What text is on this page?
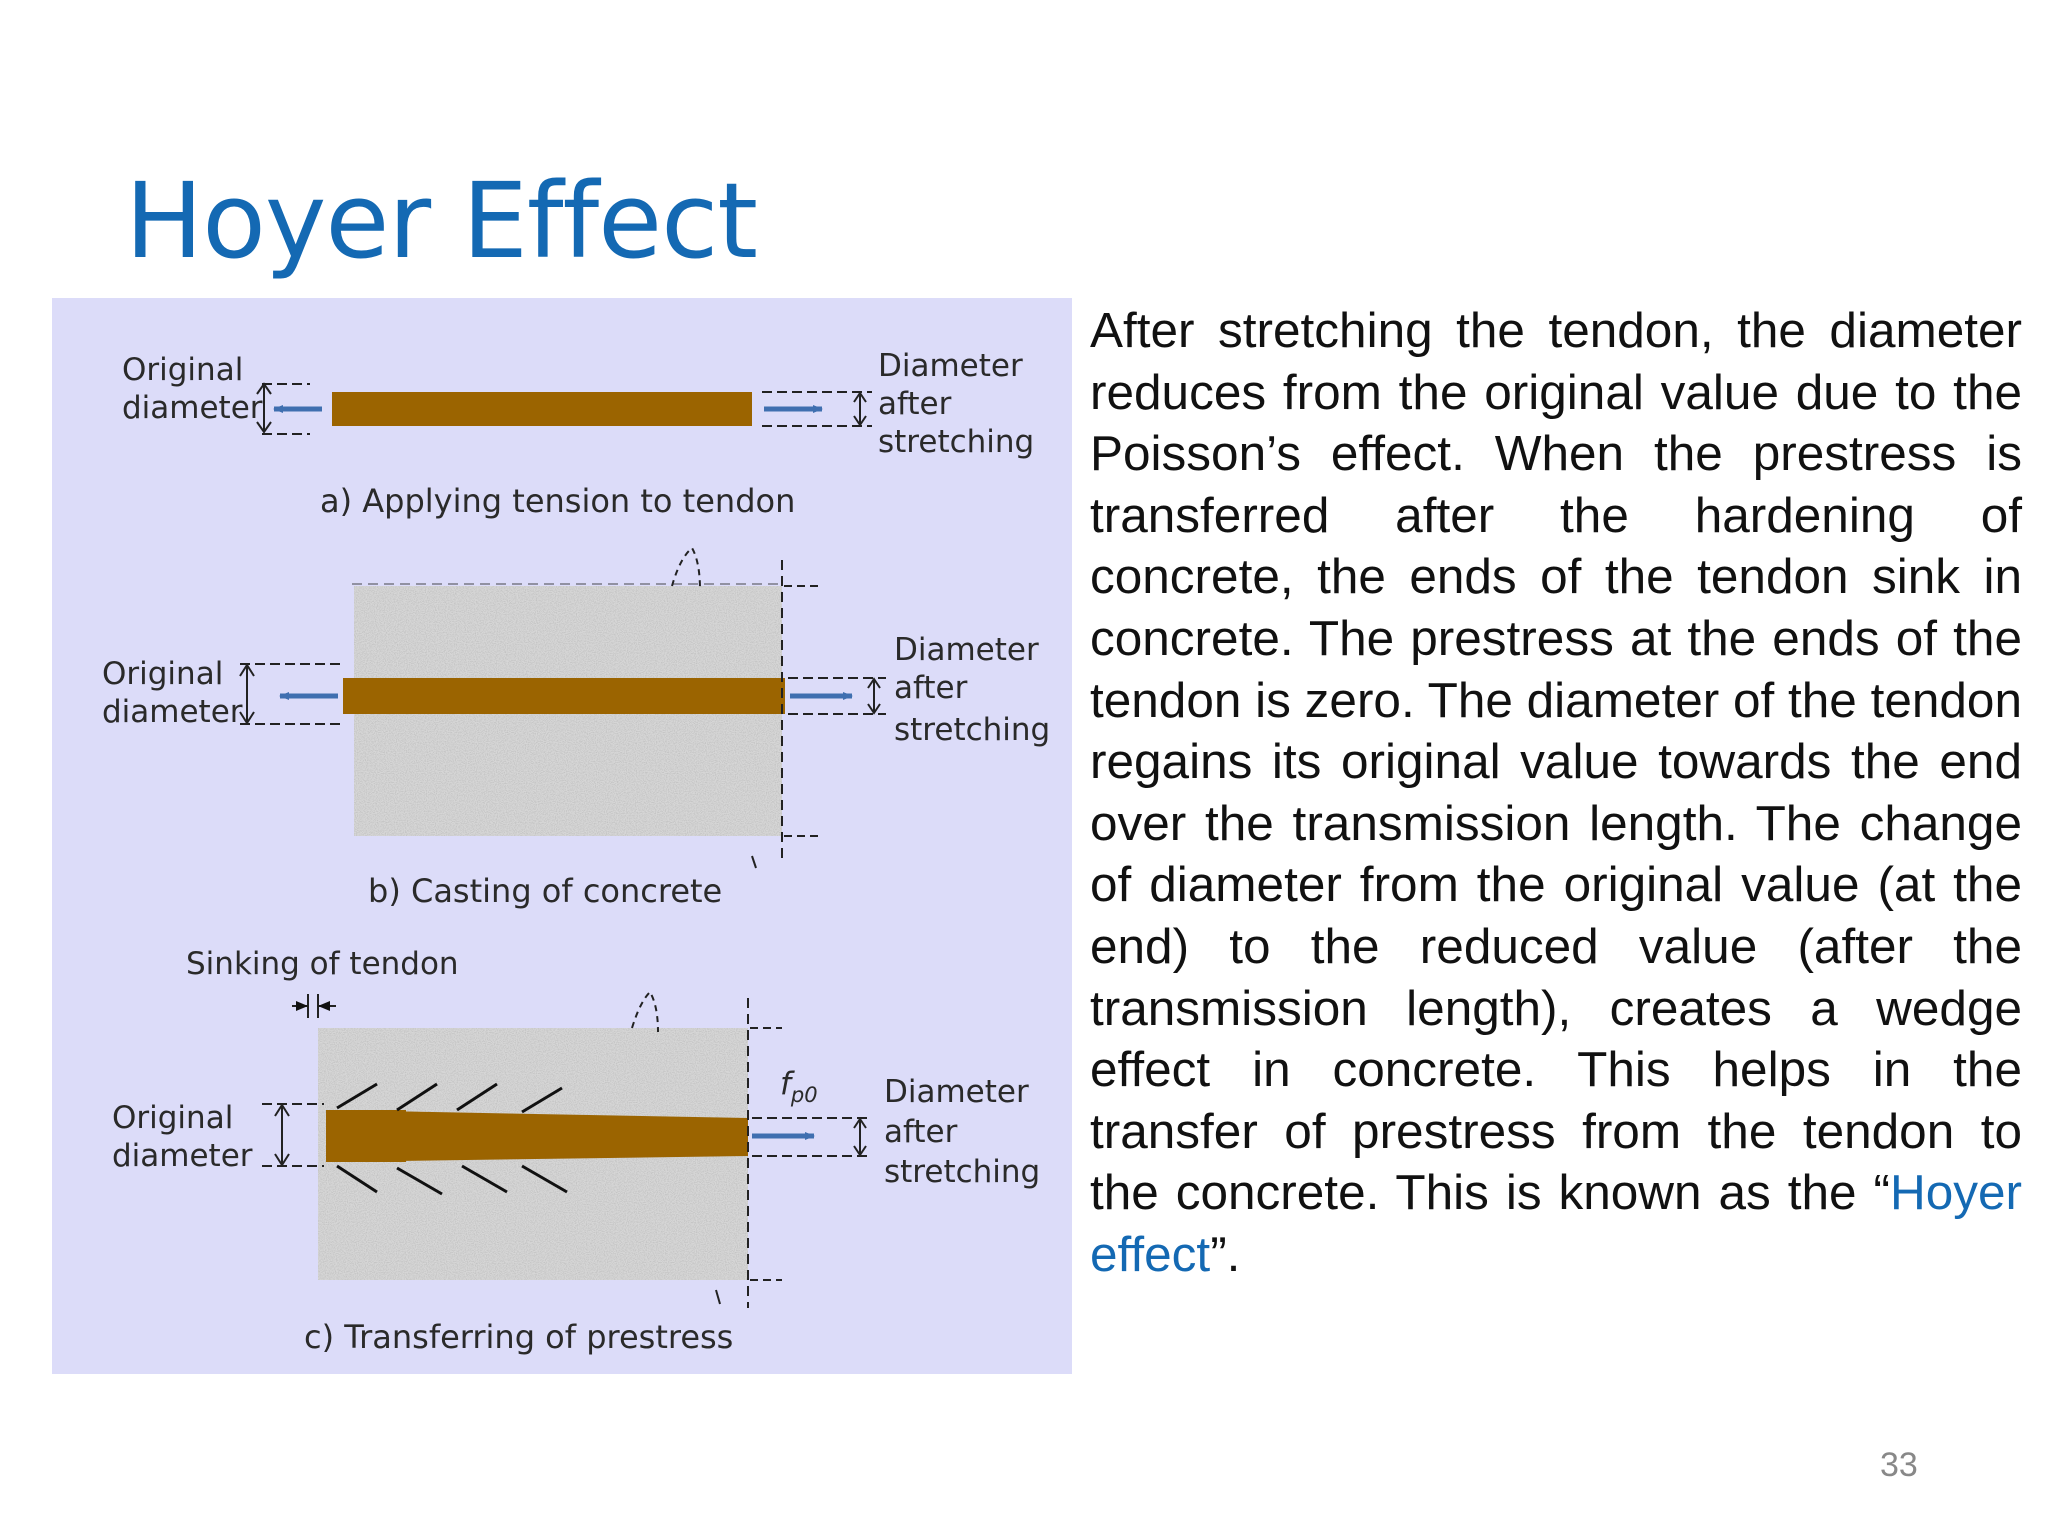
Hoyer Effect
Original
diameter
Diameter
after
stretching
a) Applying tension to tendon
Original
diameter
Diameter
after
stretching
b) Casting of concrete
Sinking of tendon
$f_{p0}$
Original
diameter
Diameter
after
stretching
c) Transferring of prestress

After stretching the tendon, the diameter reduces from the original value due to the Poisson’s effect. When the prestress is transferred after the hardening of concrete, the ends of the tendon sink in concrete. The prestress at the ends of the tendon is zero. The diameter of the tendon regains its original value towards the end over the transmission length. The change of diameter from the original value (at the end) to the reduced value (after the transmission length), creates a wedge effect in concrete. This helps in the transfer of prestress from the tendon to the concrete. This is known as the “Hoyer effect”.

33
